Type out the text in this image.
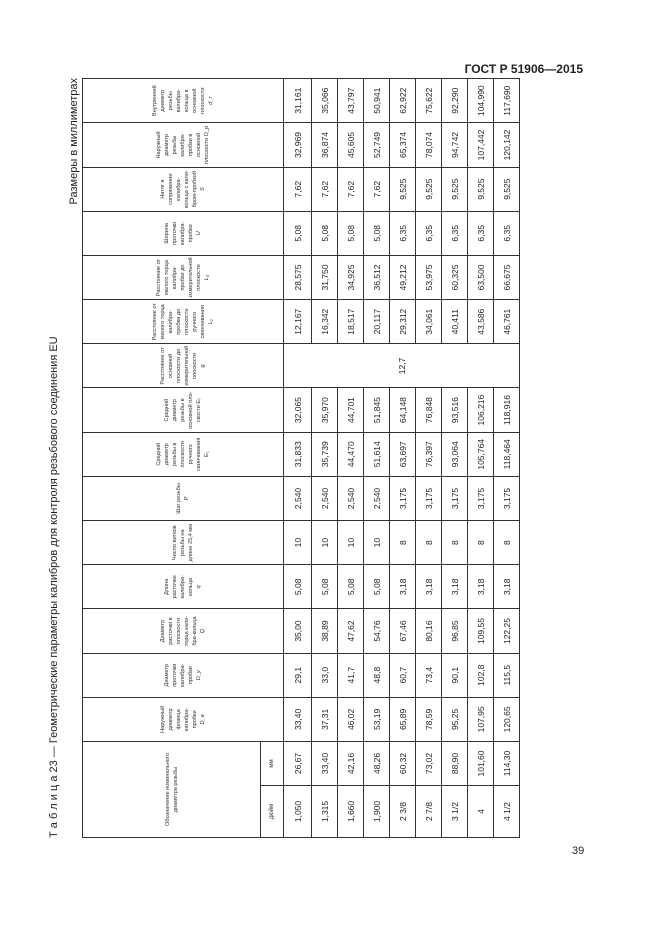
ГОСТ Р 51906—2015
Т а б л и ц а 23 — Геометрические параметры калибров для контроля резьбового соединения EU
Размеры в миллиметрах
Обозначение номинального диаметра резьбы		Наружный диаметр фланца калибра-пробки D_в	Диаметр проточки калибра-пробки D_у	Диаметр расточки в плоскости торца кали- бра-кольца Q	Длина расточки калибра-кольца q	Число витков резьбы на длине 25,4 мм	Шаг резьбы P	Средний диаметр резьбы в плоскости ручного свинчивания E₁	Средний диаметр резьбы в основной пло- скости E₇	Расстояние от основной плоскости до измерительной плоскости g	Расстояние от малого торца калибра-пробки до плоскости ручного свинчивания L₁	Расстояние от малого торца калибра-пробки до измерительной плоскости L₄	Ширина проточки калибра-пробки U	Натяг в сопряжении калибра-кольца с кали- бром-пробкой S	Наружный диаметр резьбы калибра-пробки в основной плоскости D_p	Внутренний диаметр резьбы калибра-кольца в основной плоскости d_r
дюйм	мм															
1,050	26,67	33,40	29,1	35,00	5,08	10	2,540	31,833	32,065	12,7	12,167	28,575	5,08	7,62	32,969	31,161
1,315	33,40	37,31	33,0	38,89	5,08	10	2,540	35,739	35,970		16,342	31,750	5,08	7,62	36,874	35,066
1,660	42,16	46,02	41,7	47,62	5,08	10	2,540	44,470	44,701		18,517	34,925	5,08	7,62	45,605	43,797
1,900	48,26	53,19	48,8	54,76	5,08	10	2,540	51,614	51,845		20,117	36,512	5,08	7,62	52,749	50,941
2 3/8	60,32	65,89	60,7	67,46	3,18	8	3,175	63,697	64,148		29,312	49,212	6,35	9,525	65,374	62,922
2 7/8	73,02	78,59	73,4	80,16	3,18	8	3,175	76,397	76,848		34,061	53,975	6,35	9,525	78,074	75,622
3 1/2	88,90	95,25	90,1	96,85	3,18	8	3,175	93,064	93,516		40,411	60,325	6,35	9,525	94,742	92,290
4	101,60	107,95	102,8	109,55	3,18	8	3,175	105,764	106,216		43,586	63,500	6,35	9,525	107,442	104,990
4 1/2	114,30	120,65	115,5	122,25	3,18	8	3,175	118,464	118,916		46,761	66,675	6,35	9,525	120,142	117,690
39
